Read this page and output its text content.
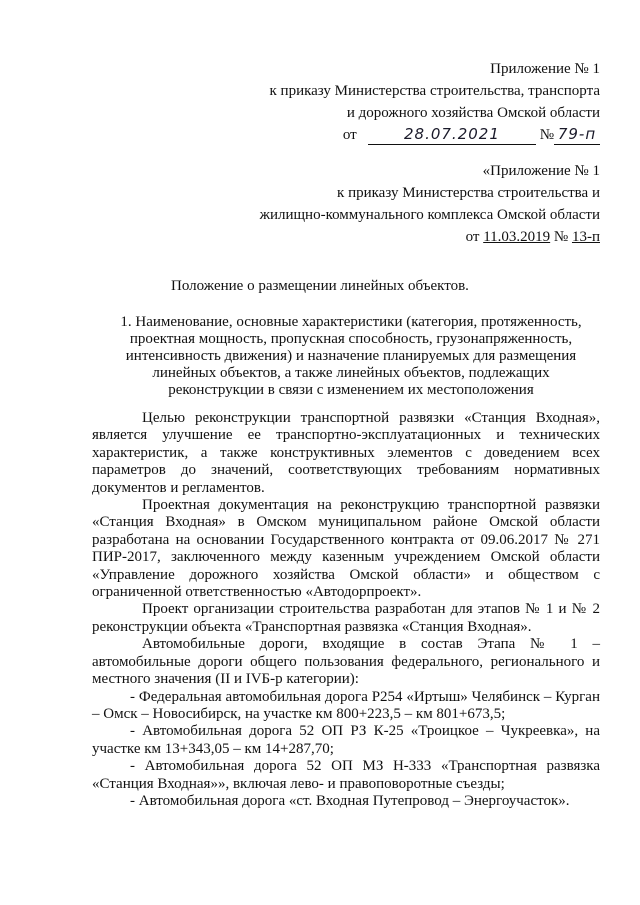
Приложение № 1
к приказу Министерства строительства, транспорта
и дорожного хозяйства Омской области
от	28.07.2021	№ 79-п
«Приложение № 1
к приказу Министерства строительства и
жилищно-коммунального комплекса Омской области
от 11.03.2019 № 13-п
Положение о размещении линейных объектов.
1. Наименование, основные характеристики (категория, протяженность, проектная мощность, пропускная способность, грузонапряженность, интенсивность движения) и назначение планируемых для размещения линейных объектов, а также линейных объектов, подлежащих реконструкции в связи с изменением их местоположения

Целью реконструкции транспортной развязки «Станция Входная», является улучшение ее транспортно-эксплуатационных и технических характеристик, а также конструктивных элементов с доведением всех параметров до значений, соответствующих требованиям нормативных документов и регламентов.

Проектная документация на реконструкцию транспортной развязки «Станция Входная» в Омском муниципальном районе Омской области разработана на основании Государственного контракта от 09.06.2017 № 271 ПИР-2017, заключенного между казенным учреждением Омской области «Управление дорожного хозяйства Омской области» и обществом с ограниченной ответственностью «Автодорпроект».

Проект организации строительства разработан для этапов № 1 и № 2 реконструкции объекта «Транспортная развязка «Станция Входная».

Автомобильные дороги, входящие в состав Этапа № 1 – автомобильные дороги общего пользования федерального, регионального и местного значения (II и IVБ-р категории):

- Федеральная автомобильная дорога Р254 «Иртыш» Челябинск – Курган – Омск – Новосибирск, на участке км 800+223,5 – км 801+673,5;

- Автомобильная дорога 52 ОП РЗ К-25 «Троицкое – Чукреевка», на участке км 13+343,05 – км 14+287,70;

- Автомобильная дорога 52 ОП МЗ Н-333 «Транспортная развязка «Станция Входная»», включая лево- и правоповоротные съезды;

- Автомобильная дорога «ст. Входная Путепровод – Энергоучасток».
